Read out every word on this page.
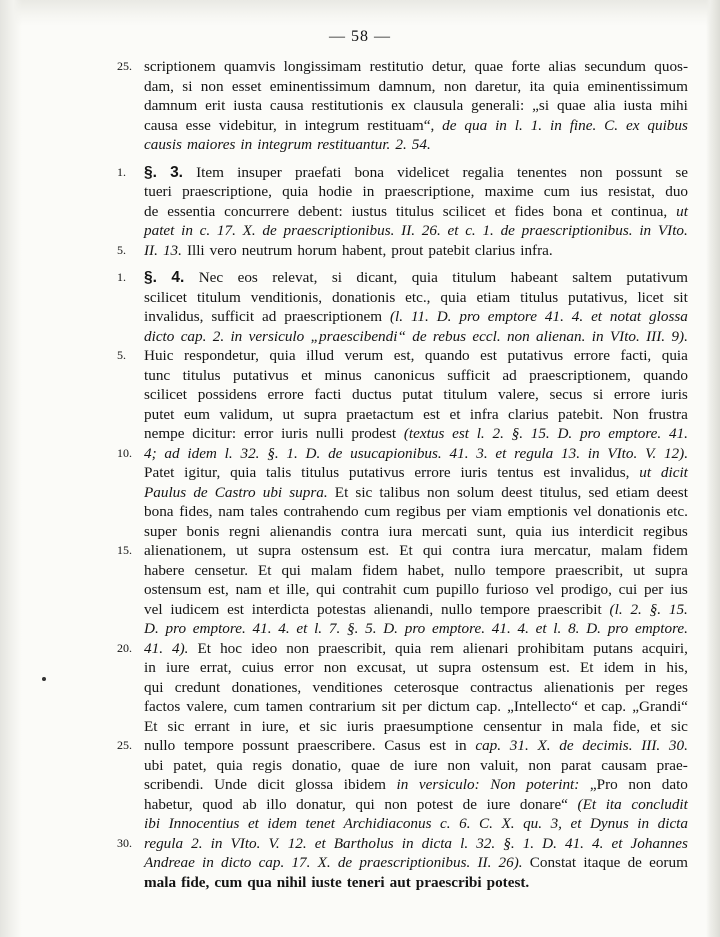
— 58 —
25. scriptionem quamvis longissimam restitutio detur, quae forte alias secundum quos-
dam, si non esset eminentissimum damnum, non daretur, ita quia eminentissimum
damnum erit iusta causa restitutionis ex clausula generali: „si quae alia iusta mihi
causa esse videbitur, in integrum restituam“, de qua in l. 1. in fine. C. ex quibus
causis maiores in integrum restituantur. 2. 54.
1.	§. 3. Item insuper praefati bona videlicet regalia tenentes non possunt se
tueri praescriptione, quia hodie in praescriptione, maxime cum ius resistat, duo
de essentia concurrere debent: iustus titulus scilicet et fides bona et continua, ut
patet in c. 17. X. de praescriptionibus. II. 26. et c. 1. de praescriptionibus. in VIto.
5.	II. 13. Illi vero neutrum horum habent, prout patebit clarius infra.
1.	§. 4. Nec eos relevat, si dicant, quia titulum habeant saltem putativum
scilicet titulum venditionis, donationis etc., quia etiam titulus putativus, licet sit
invalidus, sufficit ad praescriptionem (l. 11. D. pro emptore 41. 4. et notat glossa
dicto cap. 2. in versiculo „praescibendi“ de rebus eccl. non alienan. in VIto. III. 9).
5.	Huic respondetur, quia illud verum est, quando est putativus errore facti, quia
tunc titulus putativus et minus canonicus sufficit ad praescriptionem, quando
scilicet possidens errore facti ductus putat titulum valere, secus si errore iuris
putet eum validum, ut supra praetactum est et infra clarius patebit. Non frustra
nempe dicitur: error iuris nulli prodest (textus est l. 2. §. 15. D. pro emptore. 41.
10. 4; ad idem l. 32. §. 1. D. de usucapionibus. 41. 3. et regula 13. in VIto. V. 12).
Patet igitur, quia talis titulus putativus errore iuris tentus est invalidus, ut dicit
Paulus de Castro ubi supra. Et sic talibus non solum deest titulus, sed etiam deest
bona fides, nam tales contrahendo cum regibus per viam emptionis vel donationis etc.
super bonis regni alienandis contra iura mercati sunt, quia ius interdicit regibus
15. alienationem, ut supra ostensum est. Et qui contra iura mercatur, malam fidem
habere censetur. Et qui malam fidem habet, nullo tempore praescribit, ut supra
ostensum est, nam et ille, qui contrahit cum pupillo furioso vel prodigo, cui per ius
vel iudicem est interdicta potestas alienandi, nullo tempore praescribit (l. 2. §. 15.
D. pro emptore. 41. 4. et l. 7. §. 5. D. pro emptore. 41. 4. et l. 8. D. pro emptore.
20. 41. 4). Et hoc ideo non praescribit, quia rem alienari prohibitam putans acquiri,
in iure errat, cuius error non excusat, ut supra ostensum est. Et idem in his,
qui credunt donationes, venditiones ceterosque contractus alienationis per reges
factos valere, cum tamen contrarium sit per dictum cap. „Intellecto“ et cap. „Grandi“
Et sic errant in iure, et sic iuris praesumptione censentur in mala fide, et sic
25. nullo tempore possunt praescribere. Casus est in cap. 31. X. de decimis. III. 30.
ubi patet, quia regis donatio, quae de iure non valuit, non parat causam prae-
scribendi. Unde dicit glossa ibidem in versiculo: Non poterint: „Pro non dato
habetur, quod ab illo donatur, qui non potest de iure donare“ (Et ita concludit
ibi Innocentius et idem tenet Archidiaconus c. 6. C. X. qu. 3, et Dynus in dicta
30. regula 2. in VIto. V. 12. et Bartholus in dicta l. 32. §. 1. D. 41. 4. et Johannes
Andreae in dicto cap. 17. X. de praescriptionibus. II. 26). Constat itaque de eorum
mala fide, cum qua nihil iuste teneri aut praescribi potest.
